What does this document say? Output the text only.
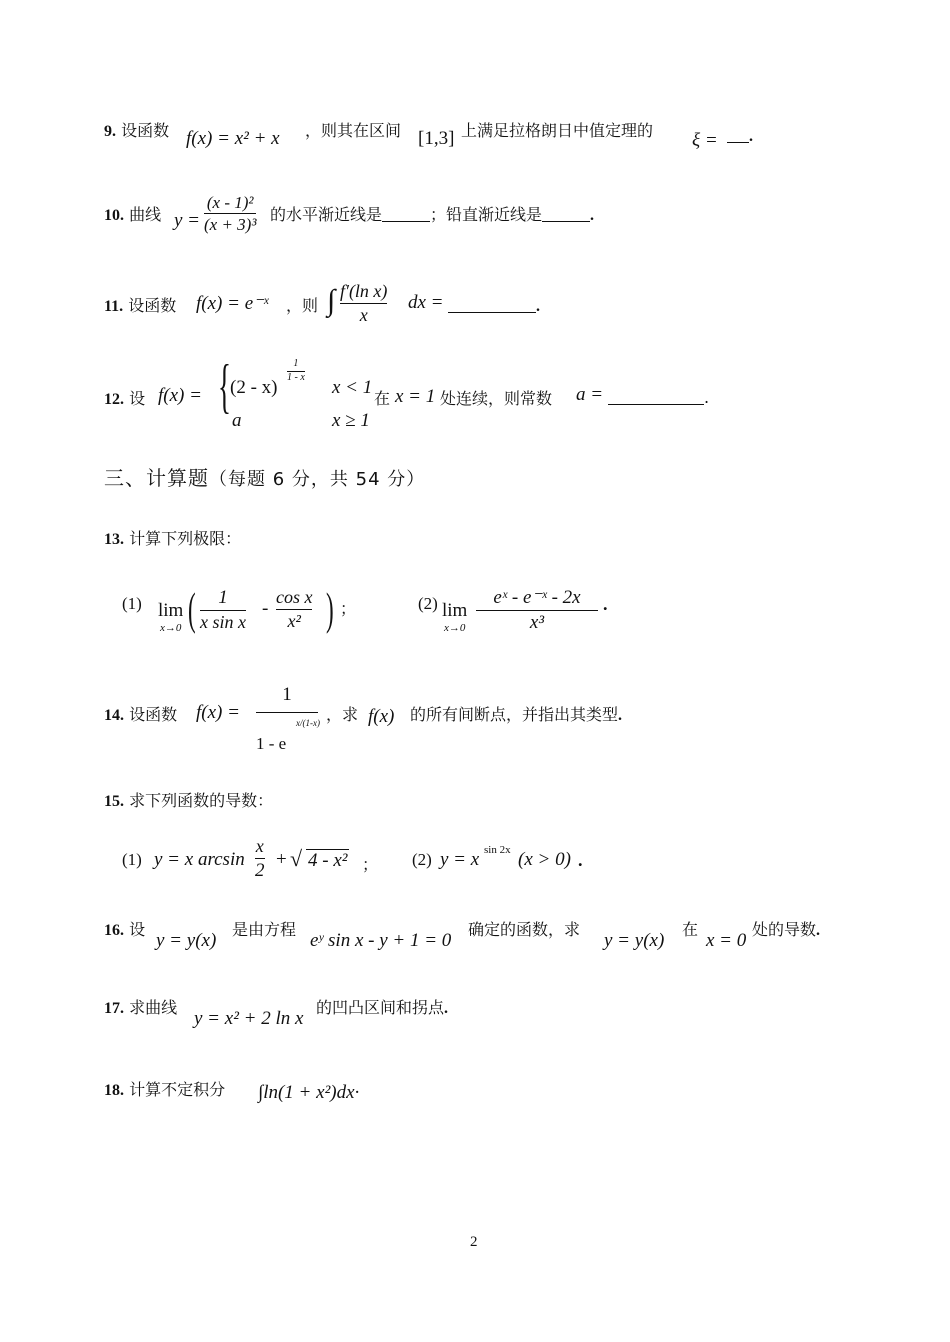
9. 设函数 f(x) = x² + x ，则其在区间 [1,3] 上满足拉格朗日中值定理的 ξ =	.
10. 曲线 $y = \frac{\text{(x - 1)²}}{\text{(x + 3)³}}$ 的水平渐近线是	；铅直渐近线是	.
11. 设函数 f(x) = e⁻ˣ ，则 ∫ $\frac{\text{f′(ln x)}}{x}$ dx =	.
12. 设 f(x) = { (2 - x)
$\frac{1}{1 - x}$
x < 1
a	x ≥ 1
在 x = 1 处连续，则常数 a =	.
三、计算题（每题 6 分，共 54 分）
13. 计算下列极限：
(1) lim
x→0 ( $\frac{1}{\text{x sin x}} - \frac{\text{cos x}}{\text{x²}}$ ) ；	(2) lim
$x\to 0 \frac{\text{eˣ - e⁻ˣ - 2x}}{\text{x³}}$ .
14. 设函数 f(x) =
1
1 - e
x/(1-x) ，求 f(x) 的所有间断点，并指出其类型.
15. 求下列函数的导数：
(1) y = x $\arcsin \frac{x}{2}$ + √ 4 - x² ； (2) y = x sin 2x (x > 0) .
16. 设
y = y(x)
是由方程
eʸ sin x - y + 1 = 0
确定的函数，求
y = y(x)
在
x = 0
处的导数.
17. 求曲线
y = x² + 2 ln x
的凹凸区间和拐点.
18. 计算不定积分 ∫ln(1 + x²)dx·
2
